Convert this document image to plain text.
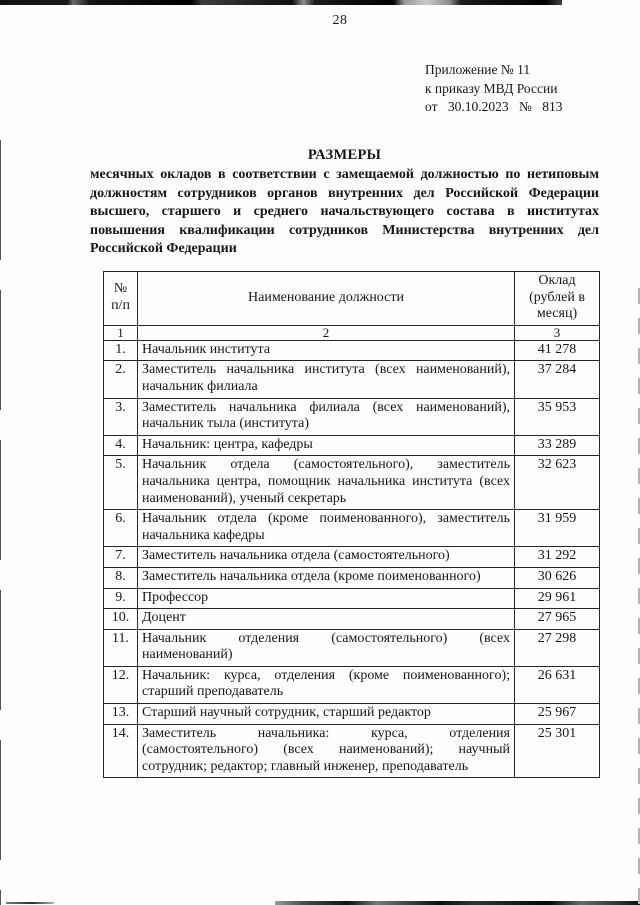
28
Приложение № 11
к приказу МВД России
от 30.10.2023 № 813
РАЗМЕРЫ

месячных окладов в соответствии с замещаемой должностью по нетиповым должностям сотрудников органов внутренних дел Российской Федерации высшего, старшего и среднего начальствующего состава в институтах повышения квалификации сотрудников Министерства внутренних дел Российской Федерации

№ п/п	Наименование должности	Оклад (рублей в месяц)
1	2	3
1.	Начальник института	41 278
2.	Заместитель начальника института (всех наименований), начальник филиала	37 284
3.	Заместитель начальника филиала (всех наименований), начальник тыла (института)	35 953
4.	Начальник: центра, кафедры	33 289
5.	Начальник отдела (самостоятельного), заместитель начальника центра, помощник начальника института (всех наименований), ученый секретарь	32 623
6.	Начальник отдела (кроме поименованного), заместитель начальника кафедры	31 959
7.	Заместитель начальника отдела (самостоятельного)	31 292
8.	Заместитель начальника отдела (кроме поименованного)	30 626
9.	Профессор	29 961
10.	Доцент	27 965
11.	Начальник отделения (самостоятельного) (всех наименований)	27 298
12.	Начальник: курса, отделения (кроме поименованного); старший преподаватель	26 631
13.	Старший научный сотрудник, старший редактор	25 967
14.	Заместитель начальника: курса, отделения (самостоятельного) (всех наименований); научный сотрудник; редактор; главный инженер, преподаватель	25 301
